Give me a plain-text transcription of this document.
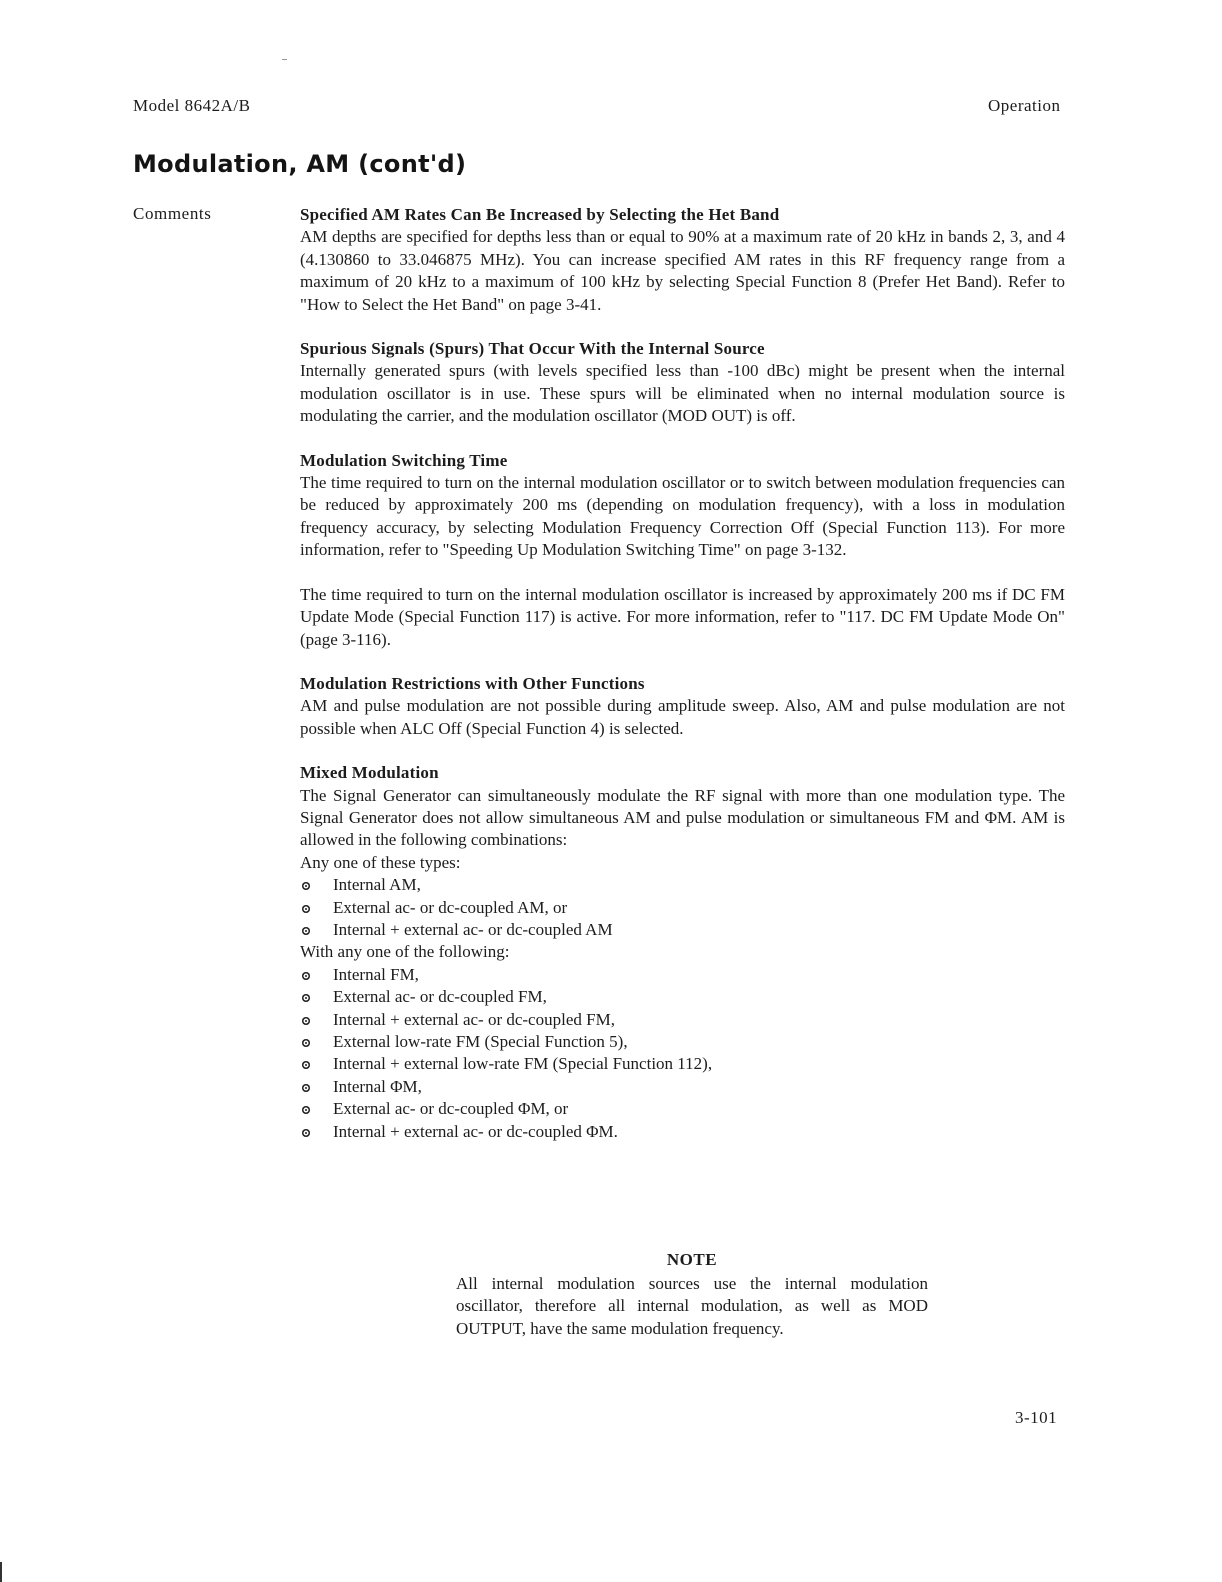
Model 8642A/B	Operation
Modulation, AM (cont'd)
Comments	Specified AM Rates Can Be Increased by Selecting the Het Band

AM depths are specified for depths less than or equal to 90% at a maximum rate of 20 kHz in bands 2, 3, and 4 (4.130860 to 33.046875 MHz). You can increase specified AM rates in this RF frequency range from a maximum of 20 kHz to a maximum of 100 kHz by selecting Special Function 8 (Prefer Het Band). Refer to "How to Select the Het Band" on page 3-41.

Spurious Signals (Spurs) That Occur With the Internal Source

Internally generated spurs (with levels specified less than -100 dBc) might be present when the internal modulation oscillator is in use. These spurs will be eliminated when no internal modulation source is modulating the carrier, and the modulation oscillator (MOD OUT) is off.

Modulation Switching Time

The time required to turn on the internal modulation oscillator or to switch between modulation frequencies can be reduced by approximately 200 ms (depending on modulation frequency), with a loss in modulation frequency accuracy, by selecting Modulation Frequency Correction Off (Special Function 113). For more information, refer to "Speeding Up Modulation Switching Time" on page 3-132.

The time required to turn on the internal modulation oscillator is increased by approximately 200 ms if DC FM Update Mode (Special Function 117) is active. For more information, refer to "117. DC FM Update Mode On" (page 3-116).

Modulation Restrictions with Other Functions

AM and pulse modulation are not possible during amplitude sweep. Also, AM and pulse modulation are not possible when ALC Off (Special Function 4) is selected.

Mixed Modulation

The Signal Generator can simultaneously modulate the RF signal with more than one modulation type. The Signal Generator does not allow simultaneous AM and pulse modulation or simultaneous FM and ΦM. AM is allowed in the following combinations:

Any one of these types:

Internal AM,
External ac- or dc-coupled AM, or
Internal + external ac- or dc-coupled AM

With any one of the following:

Internal FM,
External ac- or dc-coupled FM,
Internal + external ac- or dc-coupled FM,
External low-rate FM (Special Function 5),
Internal + external low-rate FM (Special Function 112),
Internal ΦM,
External ac- or dc-coupled ΦM, or
Internal + external ac- or dc-coupled ΦM.
NOTE
All internal modulation sources use the internal modulation oscillator, therefore all internal modulation, as well as MOD OUTPUT, have the same modulation frequency.
3-101
